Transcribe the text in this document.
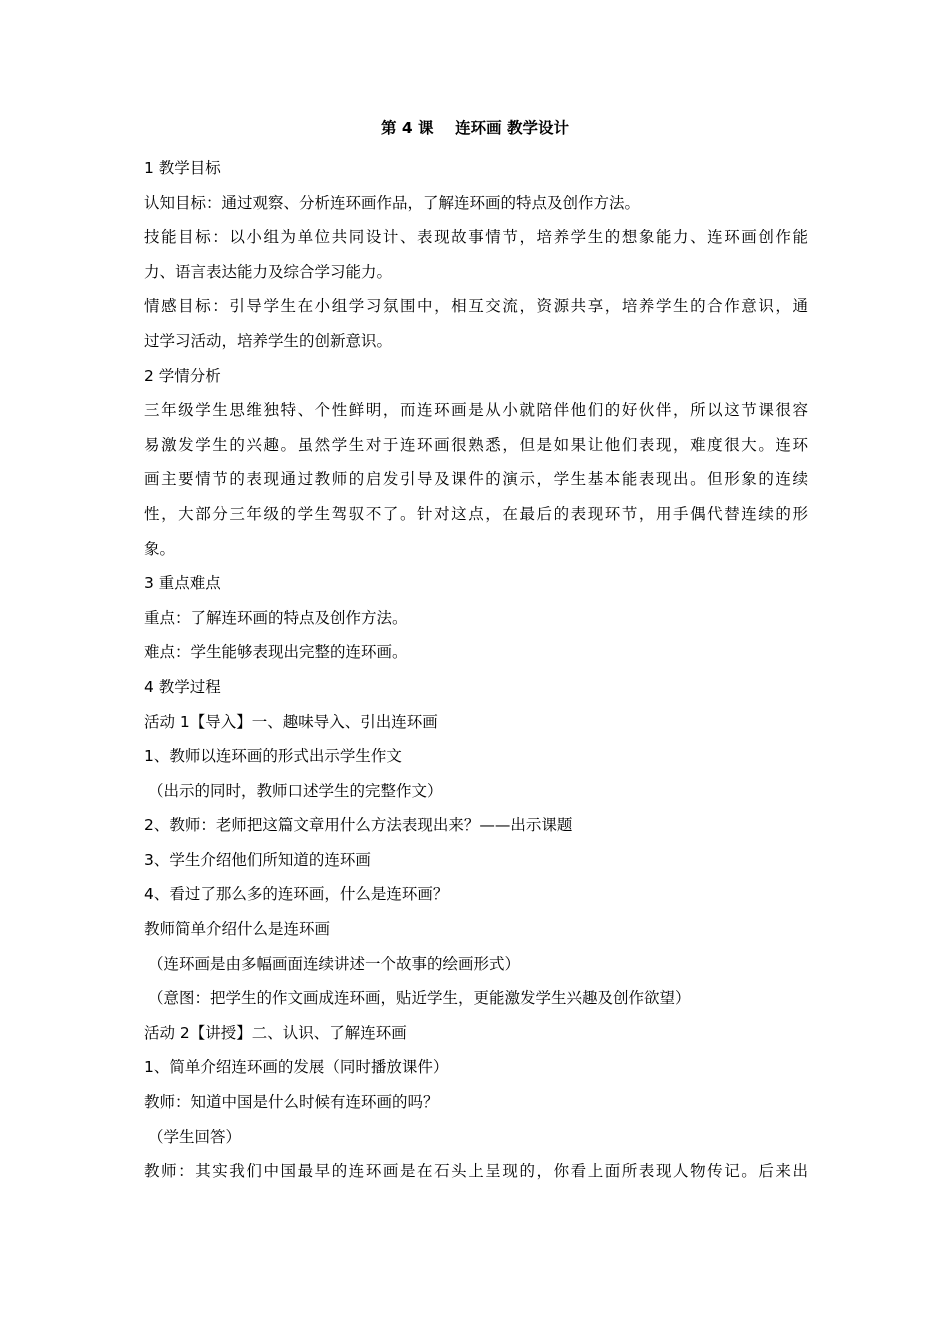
第 4 课    连环画 教学设计
1 教学目标
认知目标：通过观察、分析连环画作品，了解连环画的特点及创作方法。
技能目标：以小组为单位共同设计、表现故事情节，培养学生的想象能力、连环画创作能
力、语言表达能力及综合学习能力。
情感目标：引导学生在小组学习氛围中，相互交流，资源共享，培养学生的合作意识，通
过学习活动，培养学生的创新意识。
2 学情分析
三年级学生思维独特、个性鲜明，而连环画是从小就陪伴他们的好伙伴，所以这节课很容
易激发学生的兴趣。虽然学生对于连环画很熟悉，但是如果让他们表现，难度很大。连环
画主要情节的表现通过教师的启发引导及课件的演示，学生基本能表现出。但形象的连续
性，大部分三年级的学生驾驭不了。针对这点，在最后的表现环节，用手偶代替连续的形
象。
3 重点难点
重点：了解连环画的特点及创作方法。
难点：学生能够表现出完整的连环画。
4 教学过程
活动 1【导入】一、趣味导入、引出连环画
1、教师以连环画的形式出示学生作文
（出示的同时，教师口述学生的完整作文）
2、教师：老师把这篇文章用什么方法表现出来？——出示课题
3、学生介绍他们所知道的连环画
4、看过了那么多的连环画，什么是连环画？
教师简单介绍什么是连环画
（连环画是由多幅画面连续讲述一个故事的绘画形式）
（意图：把学生的作文画成连环画，贴近学生，更能激发学生兴趣及创作欲望）
活动 2【讲授】二、认识、了解连环画
1、简单介绍连环画的发展（同时播放课件）
教师：知道中国是什么时候有连环画的吗？
（学生回答）
教师：其实我们中国最早的连环画是在石头上呈现的，你看上面所表现人物传记。后来出
